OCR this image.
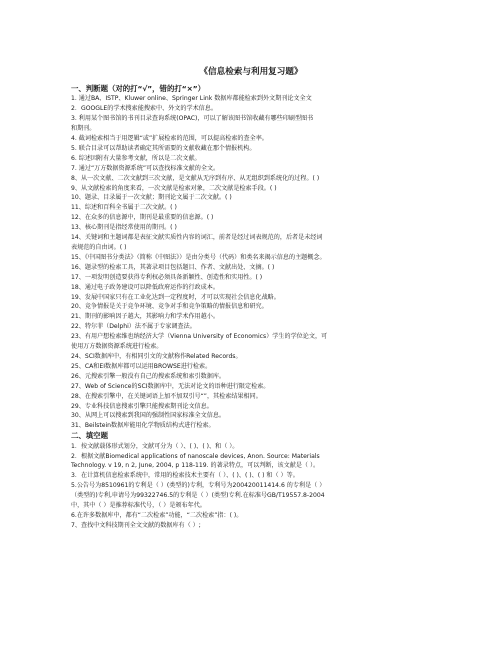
《信息检索与利用复习题》
一、判断题（对的打“√”，错的打“×”）
1. 通过BA、ISTP、Kluwer online、Springer Link 数据库都能检索到外文期刊论文全文
2．GOOGLE的学术搜索能搜索中、外文的学术信息。
3. 利用某个图书馆的书刊目录查询系统(OPAC)，可以了解该图书馆收藏有哪些印刷型图书
和期刊。
4. 截词检索相当于用逻辑“或”扩展检索的范围，可以提高检索的查全率。
5. 联合目录可以帮助读者确定其所需要的文献收藏在那个情报机构。
6. 综述因附有大量参考文献，所以是二次文献。
7. 通过“万方数据资源系统”可以查找标准文献的全文。
8、从一次文献、二次文献到三次文献，是文献从无序到有序、从无组织到系统化的过程。( )
9、从文献检索的角度来看，一次文献是检索对象，二次文献是检索手段。( )
10、题录、目录属于一次文献；期刊论文属于二次文献。( )
11、综述和百科全书属于二次文献。( )
12、在众多的信息源中，期刊是最重要的信息源。( )
13、核心期刊是指经常使用的期刊。( )
14、关键词和主题词都是表征文献实质性内容的词汇，前者是经过词表规范的，后者是未经词
表规范的自由词。( )
15、《中国图书分类法》（简称《中图法》）是由分类号（代码）和类名来揭示信息的主题概念。
16、题录型的检索工具，其著录项目包括题目、作者、文献出处、文摘。( )
17、一项发明创造要获得专利权必须具备新颖性、创造性和实用性。( )
18、通过电子政务建设可以降低政府运作的行政成本。
19、发展中国家只有在工业化达到一定程度时，才可以实现社会信息化战略。
20、竞争情报是关于竞争环境、竞争对手和竞争策略的情报信息和研究。
21、期刊的影响因子越大，其影响力和学术作用越小。
22、特尔菲（Delphi）法不属于专家调查法。
23、有用户想检索维也纳经济大学（Vienna University of Economics）学生的学位论文，可
使用万方数据资源系统进行检索。
24、SCI数据库中，有相同引文的文献称作Related Records。
25、CA和EI数据库都可以运用BROWSE进行检索。
26、元搜索引擎一般没有自己的搜索系统和索引数据库。
27、Web of Science的SCI数据库中，无法对论文的语种进行限定检索。
28、在搜索引擎中，在关键词语上加不加双引号“”，其检索结果相同。
29、专业科技信息搜索引擎只能搜索期刊论文信息。
30、从网上可以搜索到我国的强制性国家标准全文信息。
31、Beilstein数据库能用化学物质结构式进行检索。
二、填空题
1．按文献载体形式划分，文献可分为（ ）、( )、( )、和（ ）。
2．根据文献Biomedical applications of nanoscale devices, Anon. Source: Materials
Technology. v 19, n 2, June, 2004, p 118-119. 的著录特点，可以判断，该文献是（ ）。
3．在计算机信息检索系统中，常用的检索技术主要有（ ）、( )、( )、( ) 和（ ）等。
5.公告号为8510961的专利是（ ）(类型的)专利，专利号为200420011414.6 的专利是（ ）
（类型的)专利,申请号为99322746.5的专利是（ ）(类型)专利.在标准号GB/T19557.8-2004
中，其中（ ）是推荐标准代号，（ ）是颁布年代。
6.在许多数据库中，都有“二次检索”功能，“二次检索”指：( )。
7、查找中文科技期刊全文文献的数据库有（ ）;
